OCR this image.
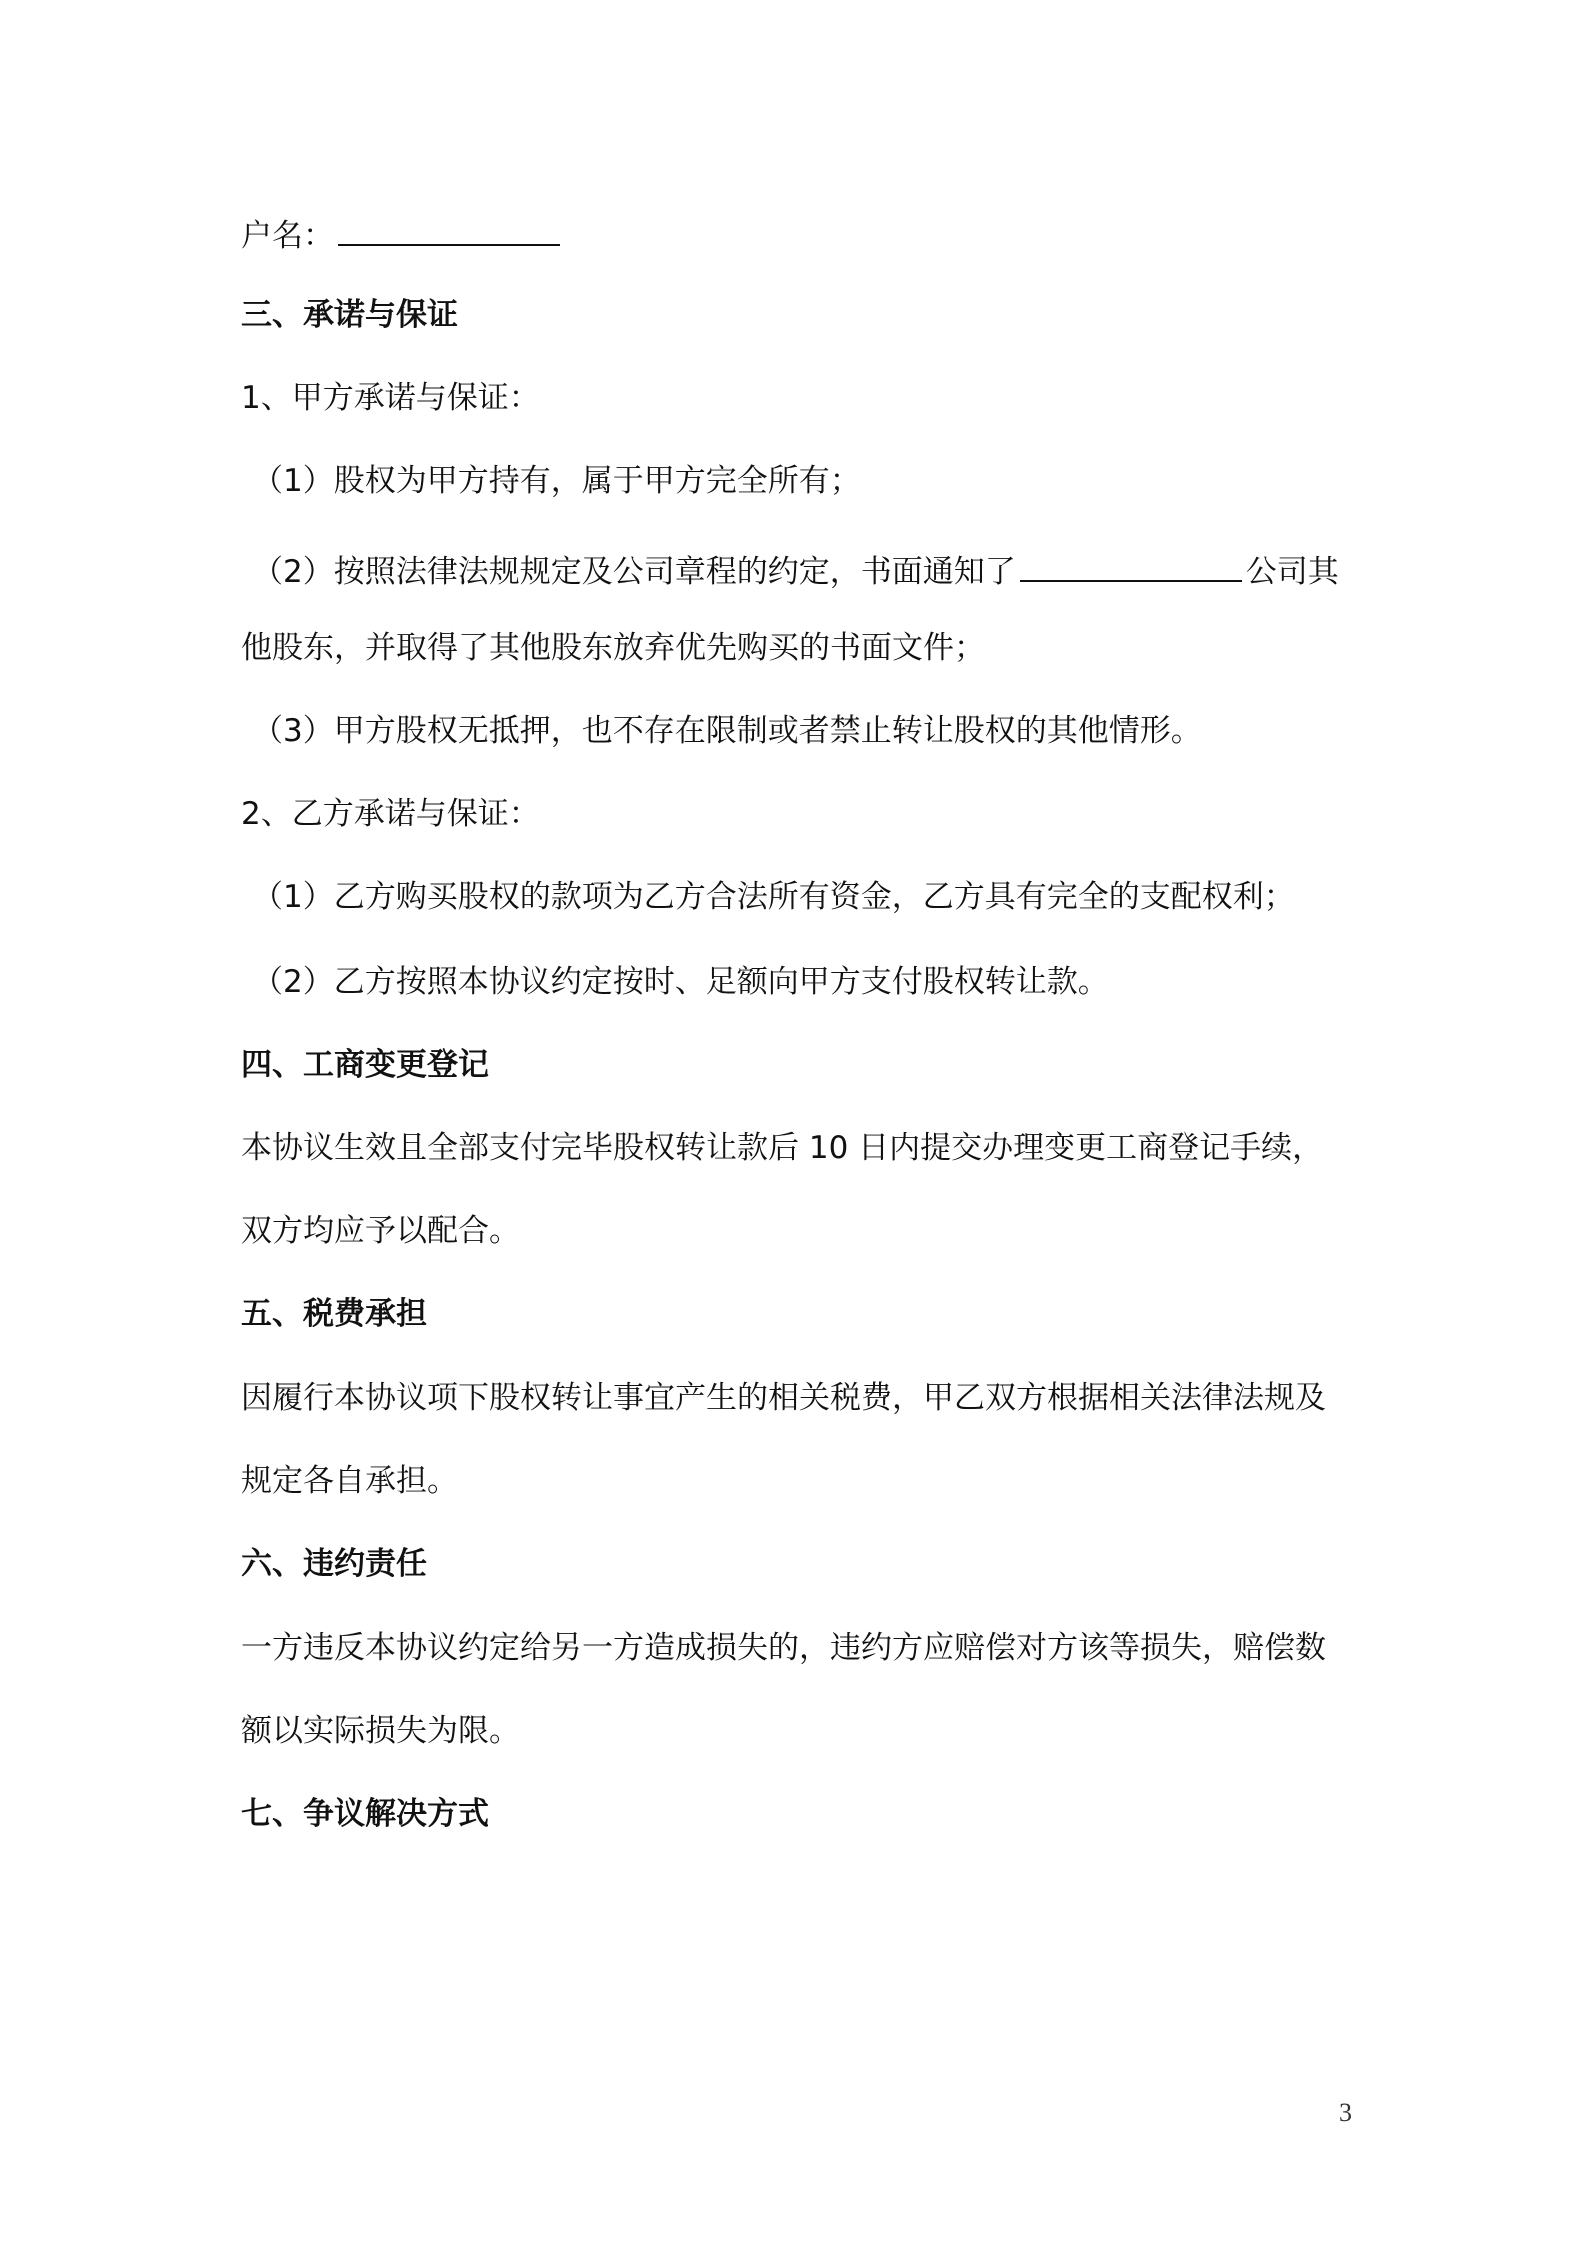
户名：
三、承诺与保证
1、甲方承诺与保证：
（1）股权为甲方持有，属于甲方完全所有；
（2）按照法律法规规定及公司章程的约定，书面通知了	公司其
他股东，并取得了其他股东放弃优先购买的书面文件；
（3）甲方股权无抵押，也不存在限制或者禁止转让股权的其他情形。
2、乙方承诺与保证：
（1）乙方购买股权的款项为乙方合法所有资金，乙方具有完全的支配权利；
（2）乙方按照本协议约定按时、足额向甲方支付股权转让款。
四、工商变更登记
本协议生效且全部支付完毕股权转让款后 10 日内提交办理变更工商登记手续，
双方均应予以配合。
五、税费承担
因履行本协议项下股权转让事宜产生的相关税费，甲乙双方根据相关法律法规及
规定各自承担。
六、违约责任
一方违反本协议约定给另一方造成损失的，违约方应赔偿对方该等损失，赔偿数
额以实际损失为限。
七、争议解决方式
3
